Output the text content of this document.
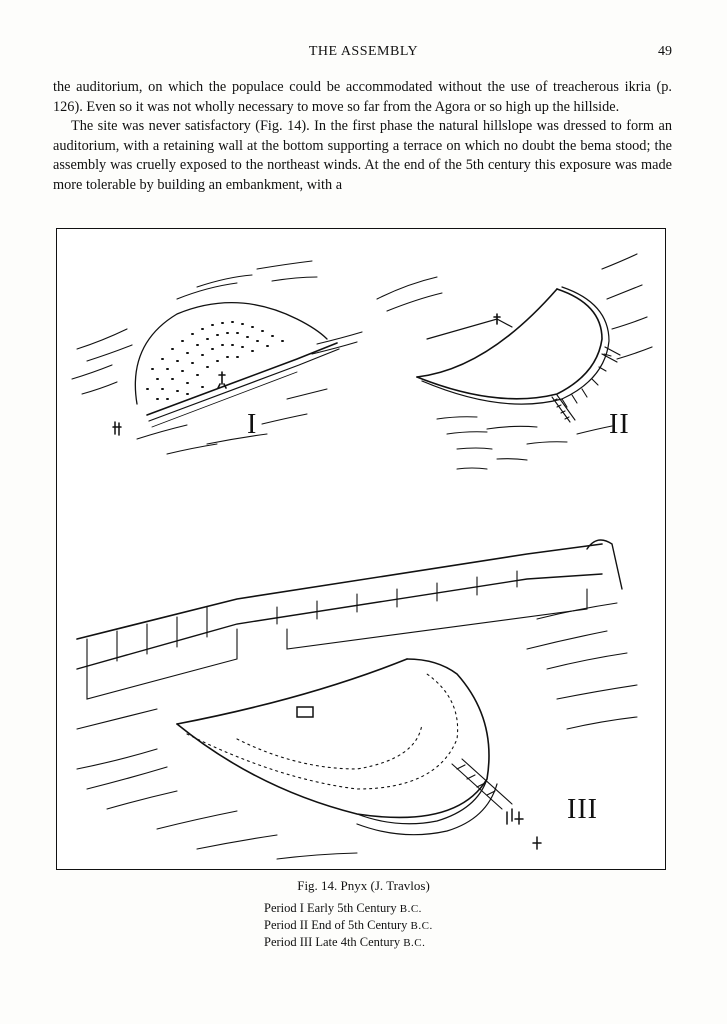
THE ASSEMBLY	49

the auditorium, on which the populace could be accommodated without the use of treacherous ikria (p. 126). Even so it was not wholly necessary to move so far from the Agora or so high up the hillside.

The site was never satisfactory (Fig. 14). In the first phase the natural hillslope was dressed to form an auditorium, with a retaining wall at the bottom supporting a terrace on which no doubt the bema stood; the assembly was cruelly exposed to the northeast winds. At the end of the 5th century this exposure was made more tolerable by building an embankment, with a

I	II
III
Fig. 14. Pnyx (J. Travlos)
Period I Early 5th Century B.C.
Period II End of 5th Century B.C.
Period III Late 4th Century B.C.
